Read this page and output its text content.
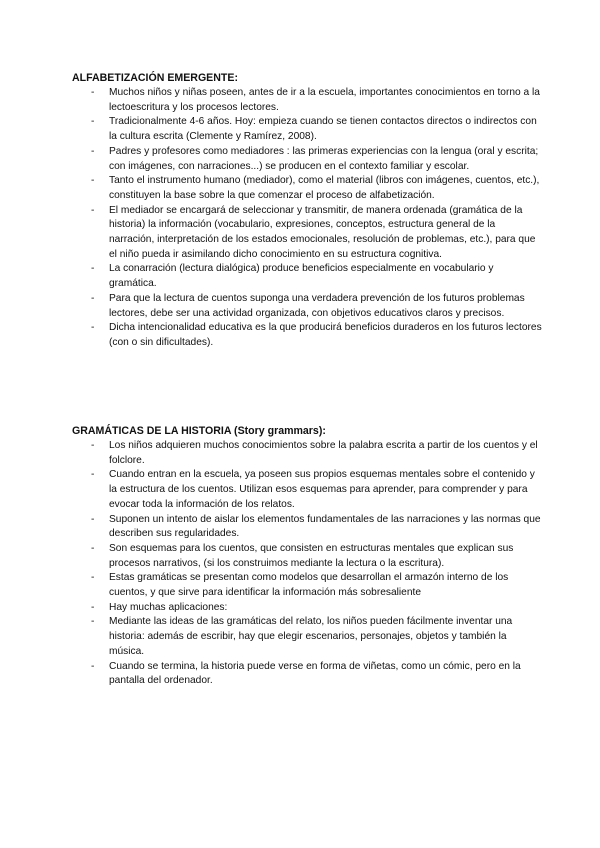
ALFABETIZACIÓN EMERGENTE:
- Muchos niños y niñas poseen, antes de ir a la escuela, importantes conocimientos en torno a la lectoescritura y los procesos lectores.
- Tradicionalmente 4-6 años. Hoy: empieza cuando se tienen contactos directos o indirectos con la cultura escrita (Clemente y Ramírez, 2008).
- Padres y profesores como mediadores : las primeras experiencias con la lengua (oral y escrita; con imágenes, con narraciones...) se producen en el contexto familiar y escolar.
- Tanto el instrumento humano (mediador), como el material (libros con imágenes, cuentos, etc.), constituyen la base sobre la que comenzar el proceso de alfabetización.
- El mediador se encargará de seleccionar y transmitir, de manera ordenada (gramática de la historia) la información (vocabulario, expresiones, conceptos, estructura general de la narración, interpretación de los estados emocionales, resolución de problemas, etc.), para que el niño pueda ir asimilando dicho conocimiento en su estructura cognitiva.
- La conarración (lectura dialógica) produce beneficios especialmente en vocabulario y gramática.
- Para que la lectura de cuentos suponga una verdadera prevención de los futuros problemas lectores, debe ser una actividad organizada, con objetivos educativos claros y precisos.
- Dicha intencionalidad educativa es la que producirá beneficios duraderos en los futuros lectores (con o sin dificultades).
GRAMÁTICAS DE LA HISTORIA (Story grammars):
- Los niños adquieren muchos conocimientos sobre la palabra escrita a partir de los cuentos y el folclore.
- Cuando entran en la escuela, ya poseen sus propios esquemas mentales sobre el contenido y la estructura de los cuentos. Utilizan esos esquemas para aprender, para comprender y para evocar toda la información de los relatos.
- Suponen un intento de aislar los elementos fundamentales de las narraciones y las normas que describen sus regularidades.
- Son esquemas para los cuentos, que consisten en estructuras mentales que explican sus procesos narrativos, (si los construimos mediante la lectura o la escritura).
- Estas gramáticas se presentan como modelos que desarrollan el armazón interno de los cuentos, y que sirve para identificar la información más sobresaliente
- Hay muchas aplicaciones:
- Mediante las ideas de las gramáticas del relato, los niños pueden fácilmente inventar una historia: además de escribir, hay que elegir escenarios, personajes, objetos y también la música.
- Cuando se termina, la historia puede verse en forma de viñetas, como un cómic, pero en la pantalla del ordenador.
